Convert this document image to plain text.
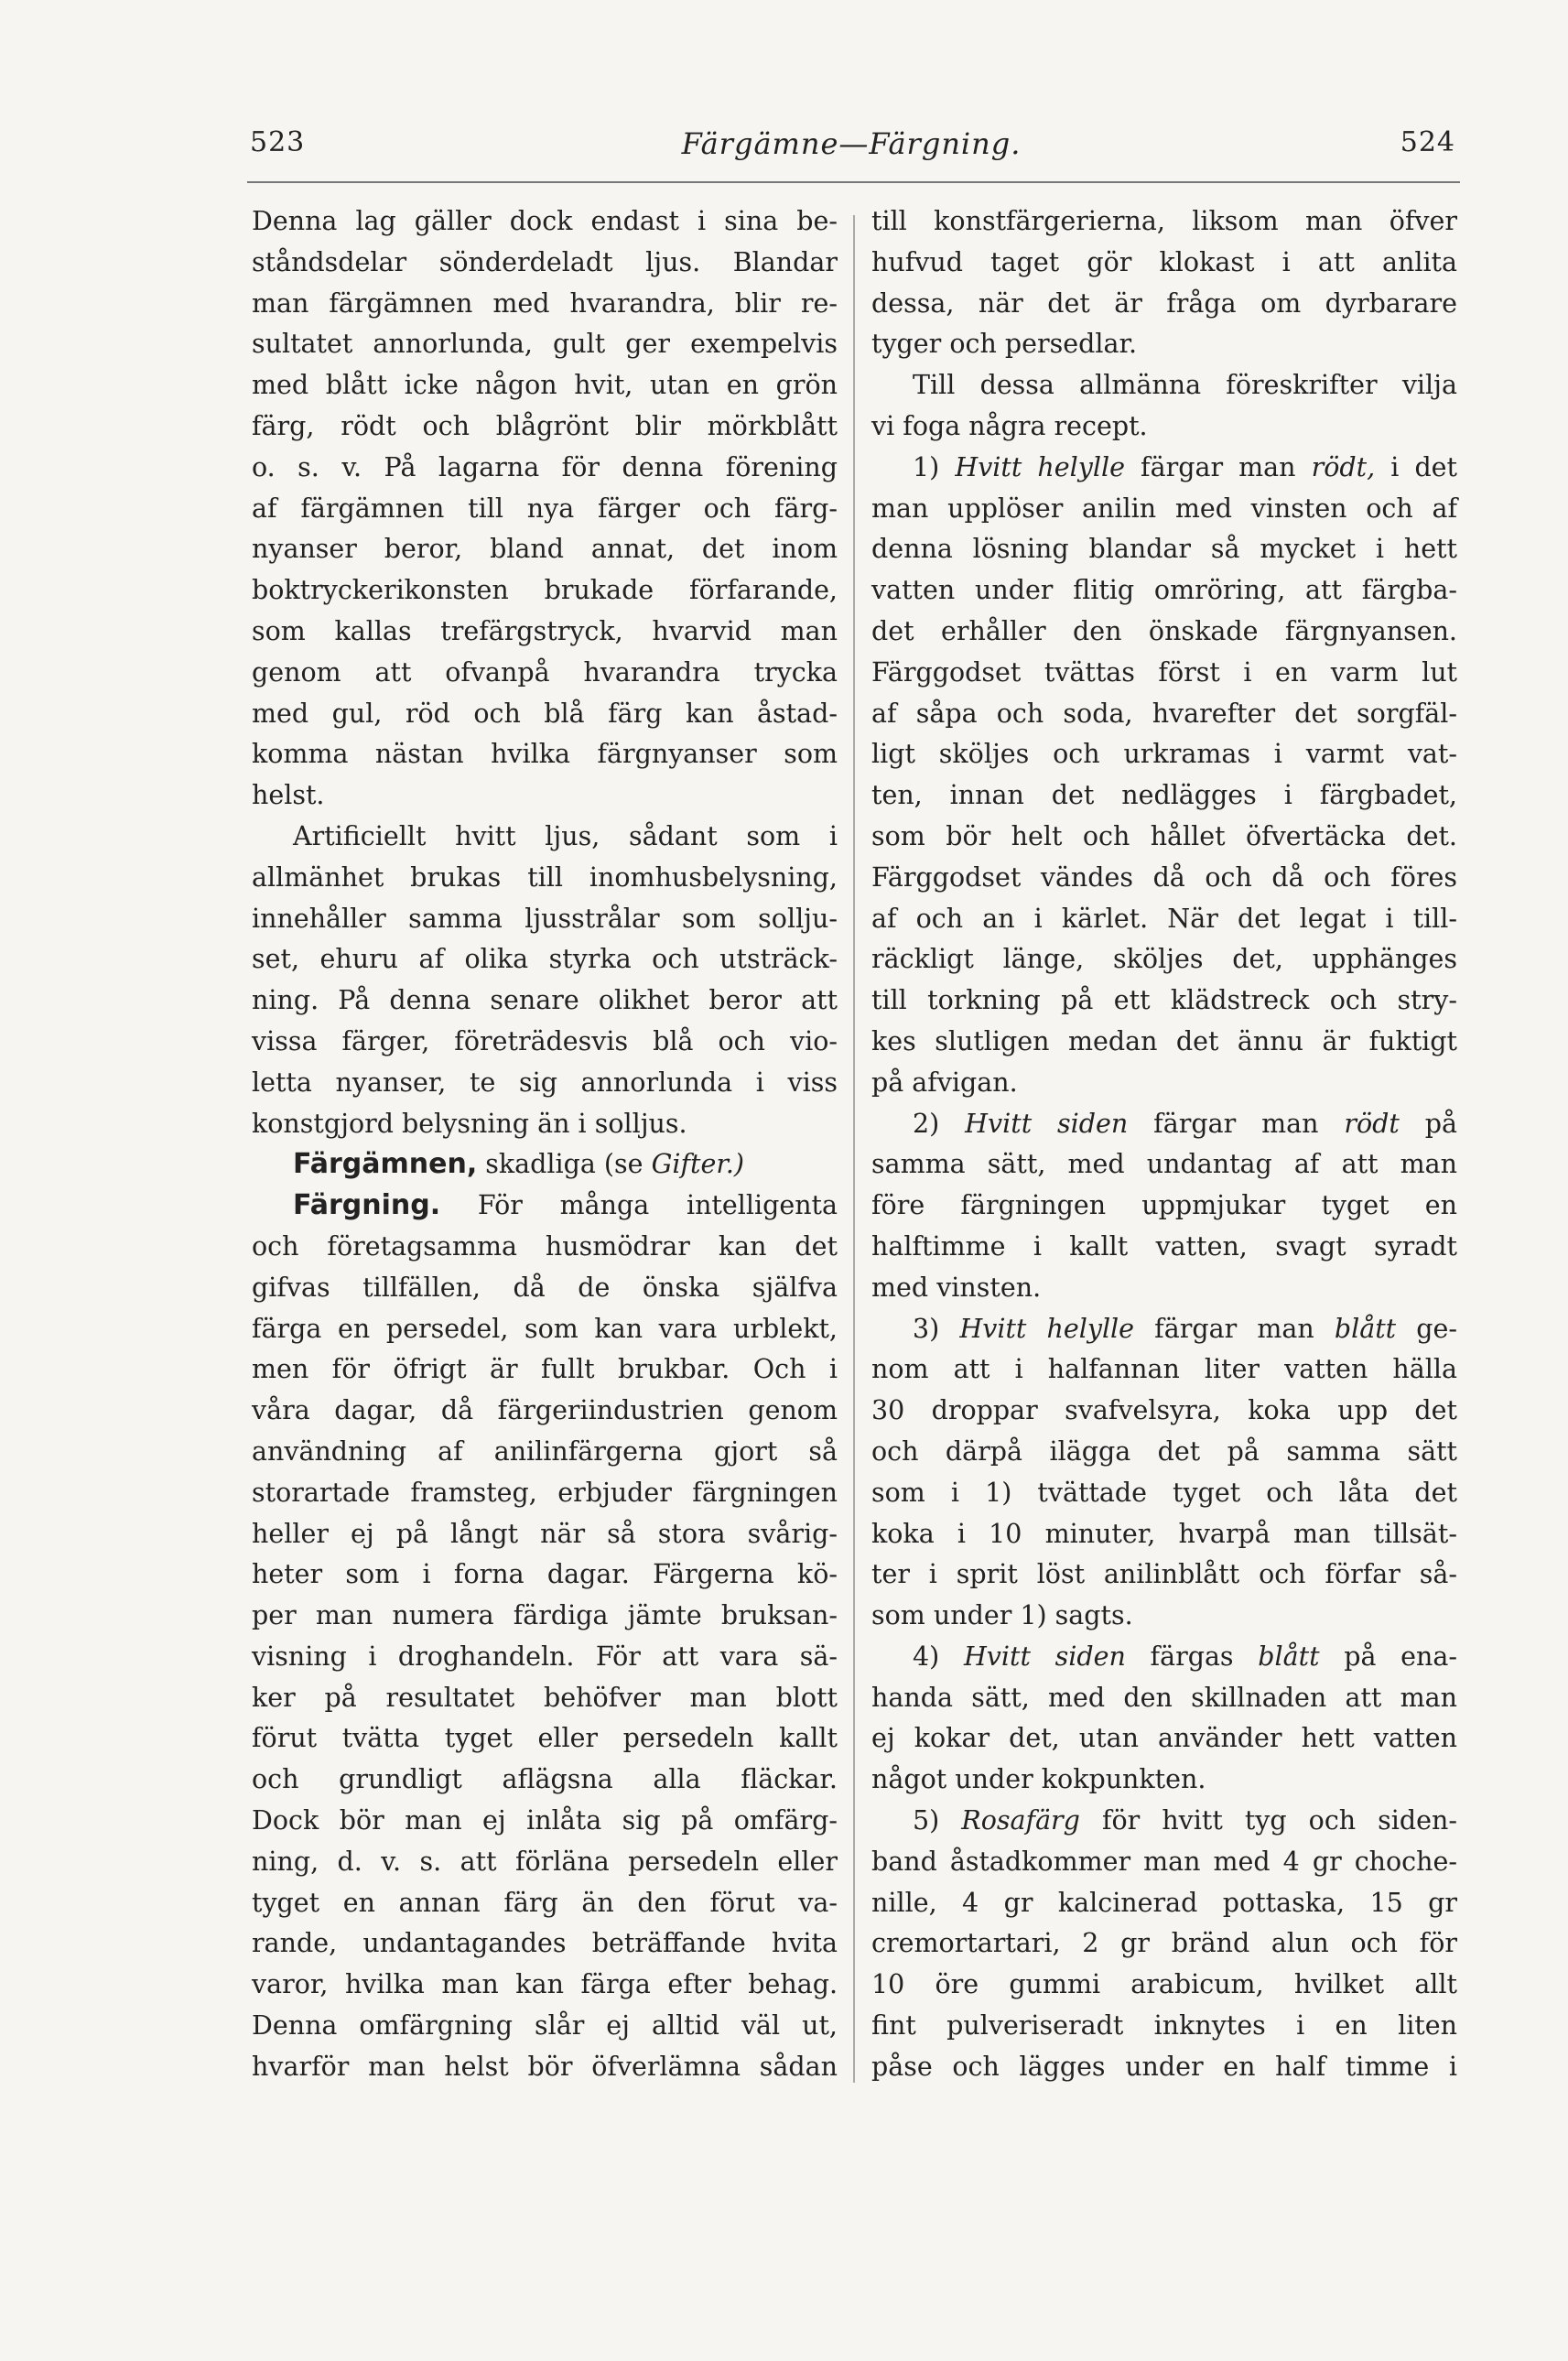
523	Färgämne—Färgning.	524
Denna lag gäller dock endast i sina be-
ståndsdelar sönderdeladt ljus. Blandar
man färgämnen med hvarandra, blir re-
sultatet annorlunda, gult ger exempelvis
med blått icke någon hvit, utan en grön
färg, rödt och blågrönt blir mörkblått
o. s. v. På lagarna för denna förening
af färgämnen till nya färger och färg-
nyanser beror, bland annat, det inom
boktryckerikonsten brukade förfarande,
som kallas trefärgstryck, hvarvid man
genom att ofvanpå hvarandra trycka
med gul, röd och blå färg kan åstad-
komma nästan hvilka färgnyanser som
helst.
Artificiellt hvitt ljus, sådant som i
allmänhet brukas till inomhusbelysning,
innehåller samma ljusstrålar som sollju-
set, ehuru af olika styrka och utsträck-
ning. På denna senare olikhet beror att
vissa färger, företrädesvis blå och vio-
letta nyanser, te sig annorlunda i viss
konstgjord belysning än i solljus.
Färgämnen, skadliga (se Gifter.)
Färgning. För många intelligenta
och företagsamma husmödrar kan det
gifvas tillfällen, då de önska själfva
färga en persedel, som kan vara urblekt,
men för öfrigt är fullt brukbar. Och i
våra dagar, då färgeriindustrien genom
användning af anilinfärgerna gjort så
storartade framsteg, erbjuder färgningen
heller ej på långt när så stora svårig-
heter som i forna dagar. Färgerna kö-
per man numera färdiga jämte bruksan-
visning i droghandeln. För att vara sä-
ker på resultatet behöfver man blott
förut tvätta tyget eller persedeln kallt
och grundligt aflägsna alla fläckar.
Dock bör man ej inlåta sig på omfärg-
ning, d. v. s. att förläna persedeln eller
tyget en annan färg än den förut va-
rande, undantagandes beträffande hvita
varor, hvilka man kan färga efter behag.
Denna omfärgning slår ej alltid väl ut,
hvarför man helst bör öfverlämna sådan
till konstfärgerierna, liksom man öfver
hufvud taget gör klokast i att anlita
dessa, när det är fråga om dyrbarare
tyger och persedlar.
Till dessa allmänna föreskrifter vilja
vi foga några recept.
1) Hvitt helylle färgar man rödt, i det
man upplöser anilin med vinsten och af
denna lösning blandar så mycket i hett
vatten under flitig omröring, att färgba-
det erhåller den önskade färgnyansen.
Färggodset tvättas först i en varm lut
af såpa och soda, hvarefter det sorgfäl-
ligt sköljes och urkramas i varmt vat-
ten, innan det nedlägges i färgbadet,
som bör helt och hållet öfvertäcka det.
Färggodset vändes då och då och föres
af och an i kärlet. När det legat i till-
räckligt länge, sköljes det, upphänges
till torkning på ett klädstreck och stry-
kes slutligen medan det ännu är fuktigt
på afvigan.
2) Hvitt siden färgar man rödt på
samma sätt, med undantag af att man
före färgningen uppmjukar tyget en
halftimme i kallt vatten, svagt syradt
med vinsten.
3) Hvitt helylle färgar man blått ge-
nom att i halfannan liter vatten hälla
30 droppar svafvelsyra, koka upp det
och därpå ilägga det på samma sätt
som i 1) tvättade tyget och låta det
koka i 10 minuter, hvarpå man tillsät-
ter i sprit löst anilinblått och förfar så-
som under 1) sagts.
4) Hvitt siden färgas blått på ena-
handa sätt, med den skillnaden att man
ej kokar det, utan använder hett vatten
något under kokpunkten.
5) Rosafärg för hvitt tyg och siden-
band åstadkommer man med 4 gr choche-
nille, 4 gr kalcinerad pottaska, 15 gr
cremortartari, 2 gr bränd alun och för
10 öre gummi arabicum, hvilket allt
fint pulveriseradt inknytes i en liten
påse och lägges under en half timme i
